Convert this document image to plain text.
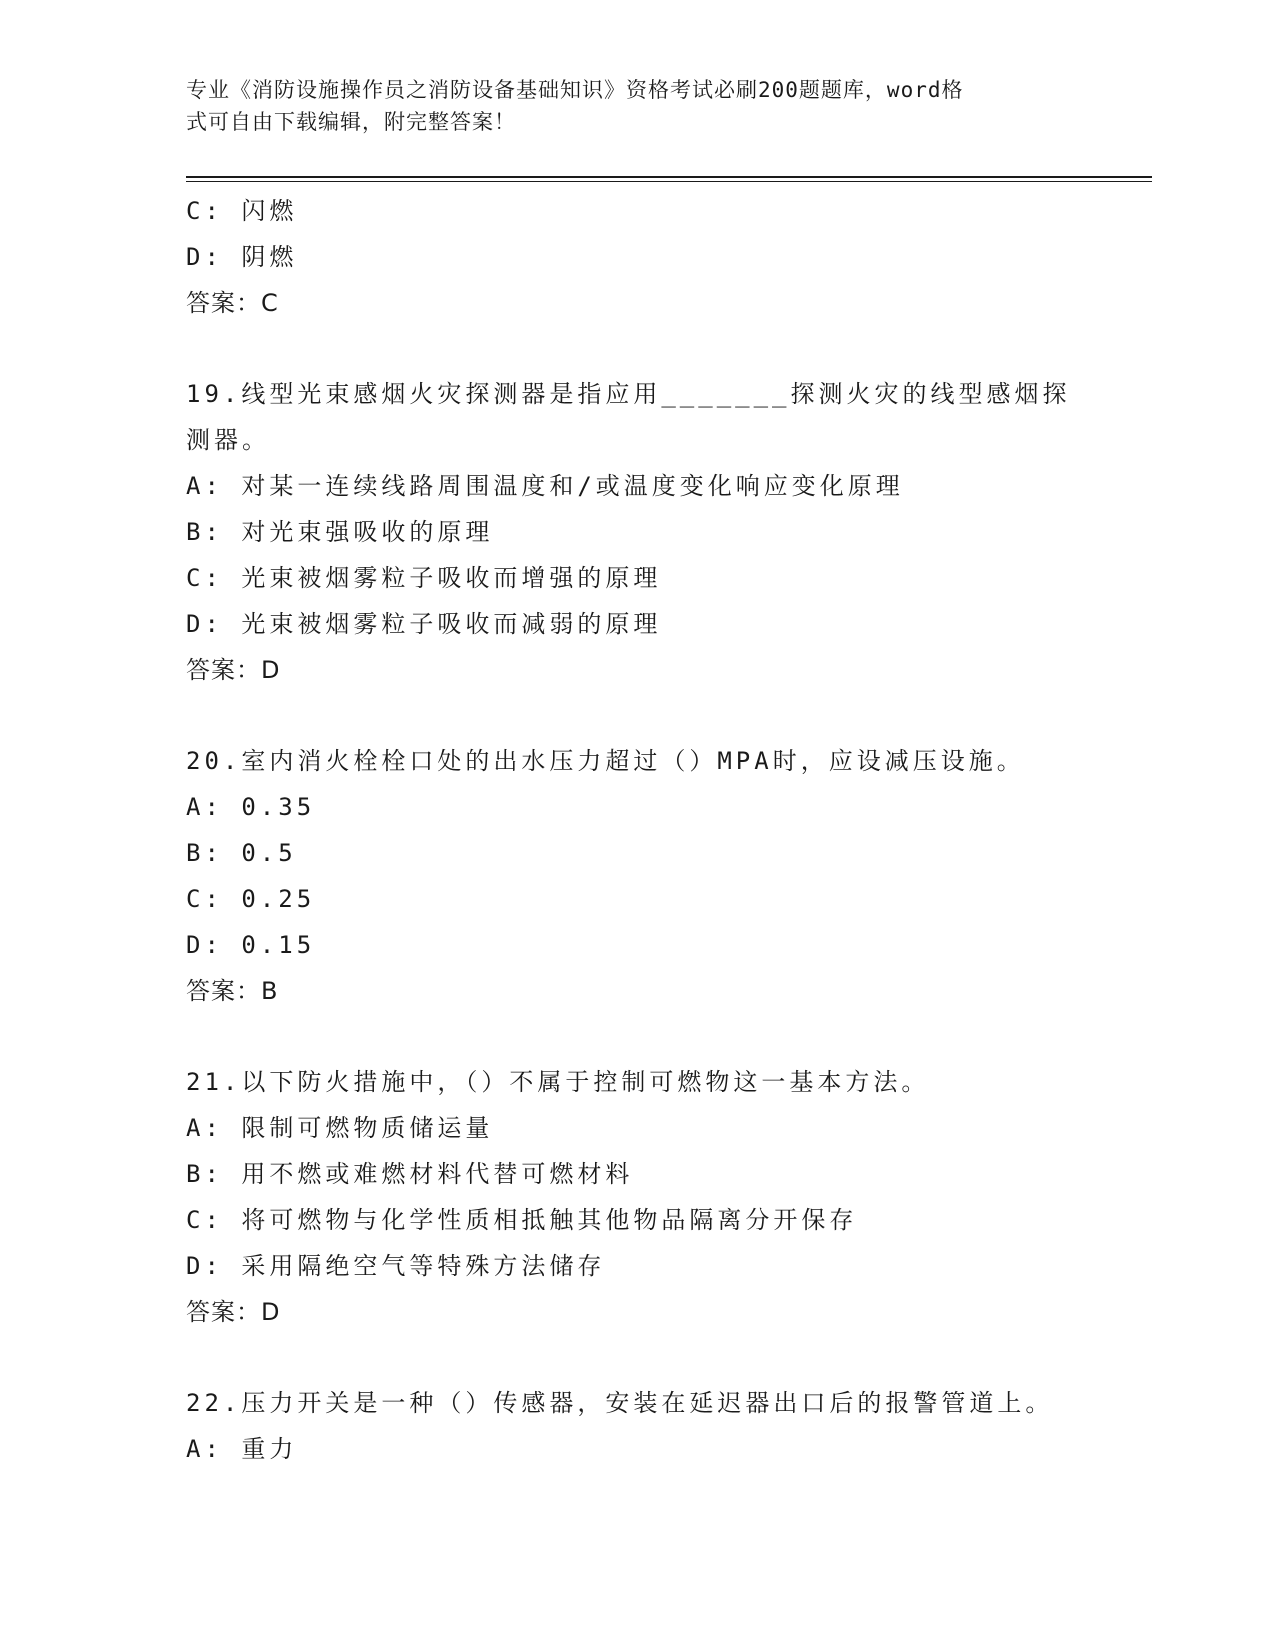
专业《消防设施操作员之消防设备基础知识》资格考试必刷200题题库，word格
式可自由下载编辑，附完整答案！
C: 闪燃
D: 阴燃
答案：C
19.线型光束感烟火灾探测器是指应用_______探测火灾的线型感烟探
测器。
A: 对某一连续线路周围温度和/或温度变化响应变化原理
B: 对光束强吸收的原理
C: 光束被烟雾粒子吸收而增强的原理
D: 光束被烟雾粒子吸收而减弱的原理
答案：D
20.室内消火栓栓口处的出水压力超过（）MPA时，应设减压设施。
A: 0.35
B: 0.5
C: 0.25
D: 0.15
答案：B
21.以下防火措施中，（）不属于控制可燃物这一基本方法。
A: 限制可燃物质储运量
B: 用不燃或难燃材料代替可燃材料
C: 将可燃物与化学性质相抵触其他物品隔离分开保存
D: 采用隔绝空气等特殊方法储存
答案：D
22.压力开关是一种（）传感器，安装在延迟器出口后的报警管道上。
A: 重力
